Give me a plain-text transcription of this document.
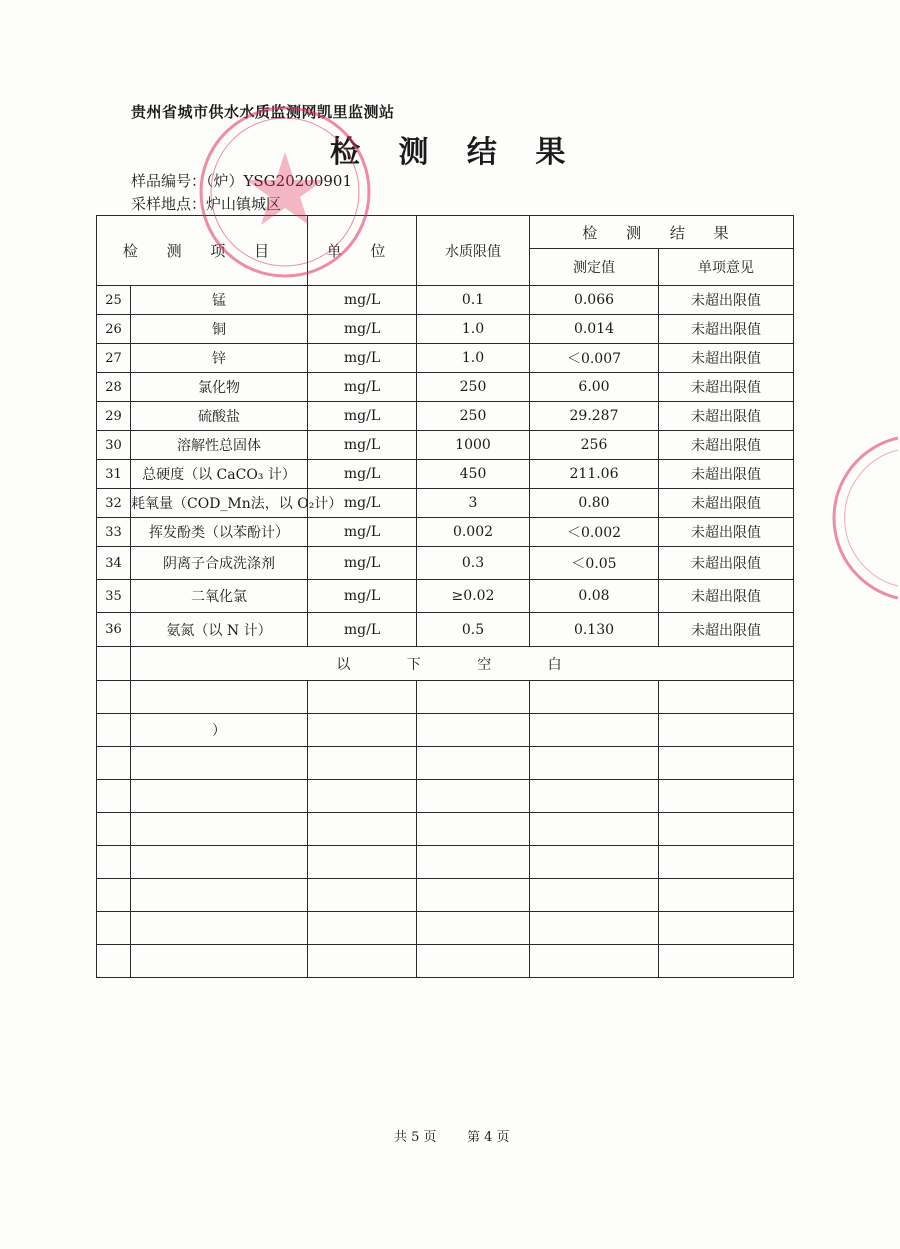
贵州省城市供水水质监测网凯里监测站
检 测 结 果
样品编号：（炉）YSG20200901
采样地点：炉山镇城区
检 测 项 目		单 位	水质限值	检 测 结 果	
				测定值	单项意见
25	锰	mg/L	0.1	0.066	未超出限值
26	铜	mg/L	1.0	0.014	未超出限值
27	锌	mg/L	1.0	＜0.007	未超出限值
28	氯化物	mg/L	250	6.00	未超出限值
29	硫酸盐	mg/L	250	29.287	未超出限值
30	溶解性总固体	mg/L	1000	256	未超出限值
31	总硬度（以 CaCO₃ 计）	mg/L	450	211.06	未超出限值
32	耗氧量（COD_Mn法，以 O₂计）	mg/L	3	0.80	未超出限值
33	挥发酚类（以苯酚计）	mg/L	0.002	＜0.002	未超出限值
34	阴离子合成洗涤剂	mg/L	0.3	＜0.05	未超出限值
35	二氧化氯	mg/L	≥0.02	0.08	未超出限值
36	氨氮（以 N 计）	mg/L	0.5	0.130	未超出限值
	以 下 空 白				

	）				

共 5 页 第 4 页
